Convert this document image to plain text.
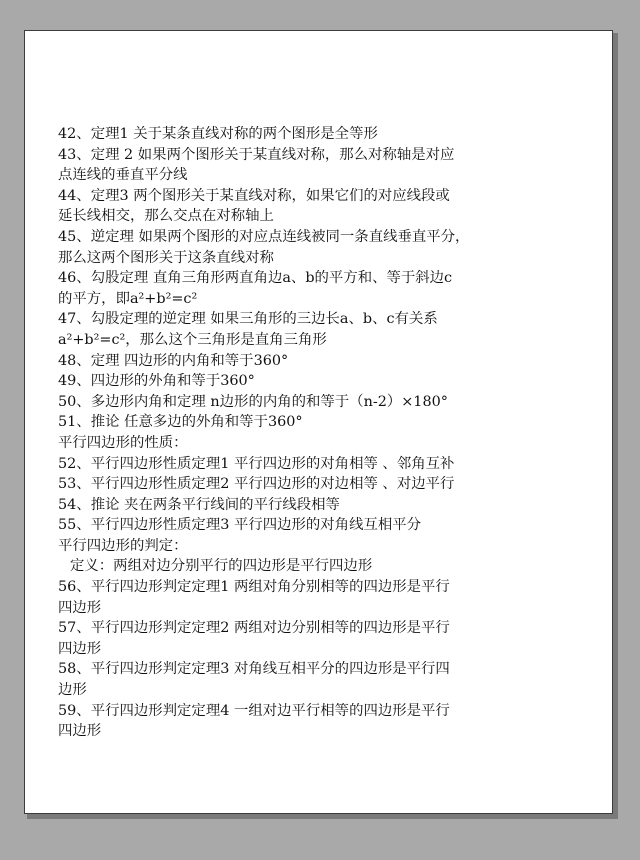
42、定理1 关于某条直线对称的两个图形是全等形
43、定理 2 如果两个图形关于某直线对称，那么对称轴是对应
点连线的垂直平分线
44、定理3 两个图形关于某直线对称，如果它们的对应线段或
延长线相交，那么交点在对称轴上
45、逆定理 如果两个图形的对应点连线被同一条直线垂直平分，
那么这两个图形关于这条直线对称
46、勾股定理 直角三角形两直角边a、b的平方和、等于斜边c
的平方，即a²+b²=c²
47、勾股定理的逆定理 如果三角形的三边长a、b、c有关系
a²+b²=c²，那么这个三角形是直角三角形
48、定理 四边形的内角和等于360°
49、四边形的外角和等于360°
50、多边形内角和定理 n边形的内角的和等于（n-2）×180°
51、推论 任意多边的外角和等于360°
平行四边形的性质：
52、平行四边形性质定理1 平行四边形的对角相等 、邻角互补
53、平行四边形性质定理2 平行四边形的对边相等 、对边平行
54、推论 夹在两条平行线间的平行线段相等
55、平行四边形性质定理3 平行四边形的对角线互相平分
平行四边形的判定：
定义：两组对边分别平行的四边形是平行四边形
56、平行四边形判定定理1 两组对角分别相等的四边形是平行
四边形
57、平行四边形判定定理2 两组对边分别相等的四边形是平行
四边形
58、平行四边形判定定理3 对角线互相平分的四边形是平行四
边形
59、平行四边形判定定理4 一组对边平行相等的四边形是平行
四边形
